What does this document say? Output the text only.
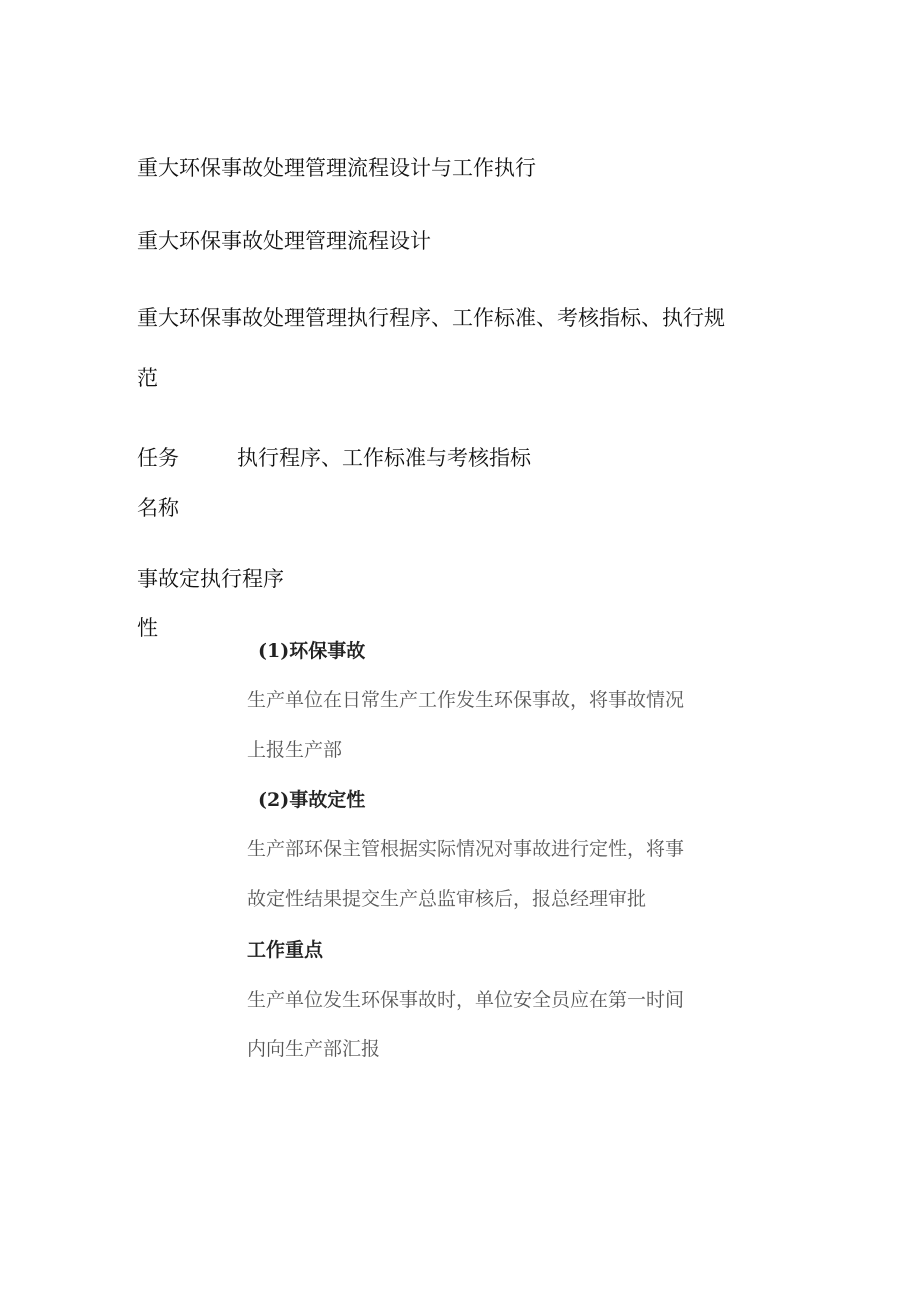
重大环保事故处理管理流程设计与工作执行
重大环保事故处理管理流程设计
重大环保事故处理管理执行程序、工作标准、考核指标、执行规
范
任务
名称
执行程序、工作标准与考核指标
事故定
性
执行程序
(1)环保事故
生产单位在日常生产工作发生环保事故，将事故情况
上报生产部
(2)事故定性
生产部环保主管根据实际情况对事故进行定性，将事
故定性结果提交生产总监审核后，报总经理审批
工作重点
生产单位发生环保事故时，单位安全员应在第一时间
内向生产部汇报
